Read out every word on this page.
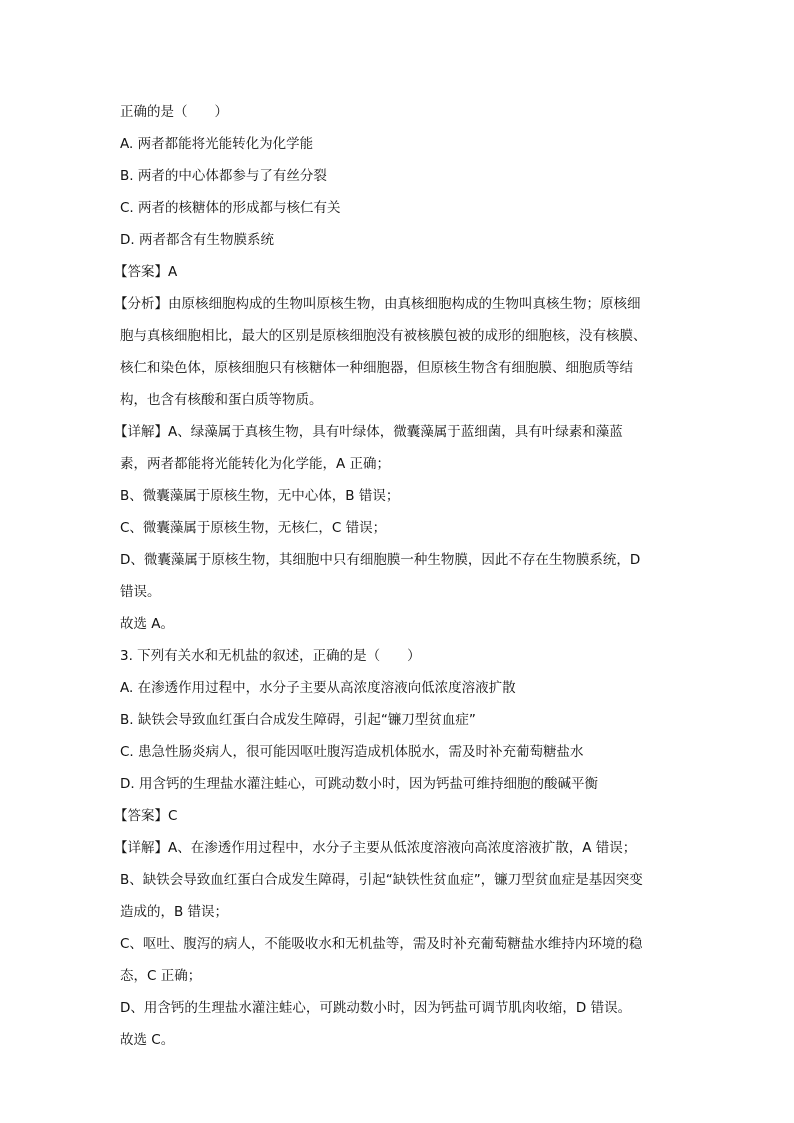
正确的是（　　）
A. 两者都能将光能转化为化学能
B. 两者的中心体都参与了有丝分裂
C. 两者的核糖体的形成都与核仁有关
D. 两者都含有生物膜系统
【答案】A
【分析】由原核细胞构成的生物叫原核生物，由真核细胞构成的生物叫真核生物；原核细
胞与真核细胞相比，最大的区别是原核细胞没有被核膜包被的成形的细胞核，没有核膜、
核仁和染色体，原核细胞只有核糖体一种细胞器，但原核生物含有细胞膜、细胞质等结
构，也含有核酸和蛋白质等物质。
【详解】A、绿藻属于真核生物，具有叶绿体，微囊藻属于蓝细菌，具有叶绿素和藻蓝
素，两者都能将光能转化为化学能，A 正确；
B、微囊藻属于原核生物，无中心体，B 错误；
C、微囊藻属于原核生物，无核仁，C 错误；
D、微囊藻属于原核生物，其细胞中只有细胞膜一种生物膜，因此不存在生物膜系统，D
错误。
故选 A。
3. 下列有关水和无机盐的叙述，正确的是（　　）
A. 在渗透作用过程中，水分子主要从高浓度溶液向低浓度溶液扩散
B. 缺铁会导致血红蛋白合成发生障碍，引起“镰刀型贫血症”
C. 患急性肠炎病人，很可能因呕吐腹泻造成机体脱水，需及时补充葡萄糖盐水
D. 用含钙的生理盐水灌注蛙心，可跳动数小时，因为钙盐可维持细胞的酸碱平衡
【答案】C
【详解】A、在渗透作用过程中，水分子主要从低浓度溶液向高浓度溶液扩散，A 错误；
B、缺铁会导致血红蛋白合成发生障碍，引起“缺铁性贫血症”，镰刀型贫血症是基因突变
造成的，B 错误；
C、呕吐、腹泻的病人，不能吸收水和无机盐等，需及时补充葡萄糖盐水维持内环境的稳
态，C 正确；
D、用含钙的生理盐水灌注蛙心，可跳动数小时，因为钙盐可调节肌肉收缩，D 错误。
故选 C。
